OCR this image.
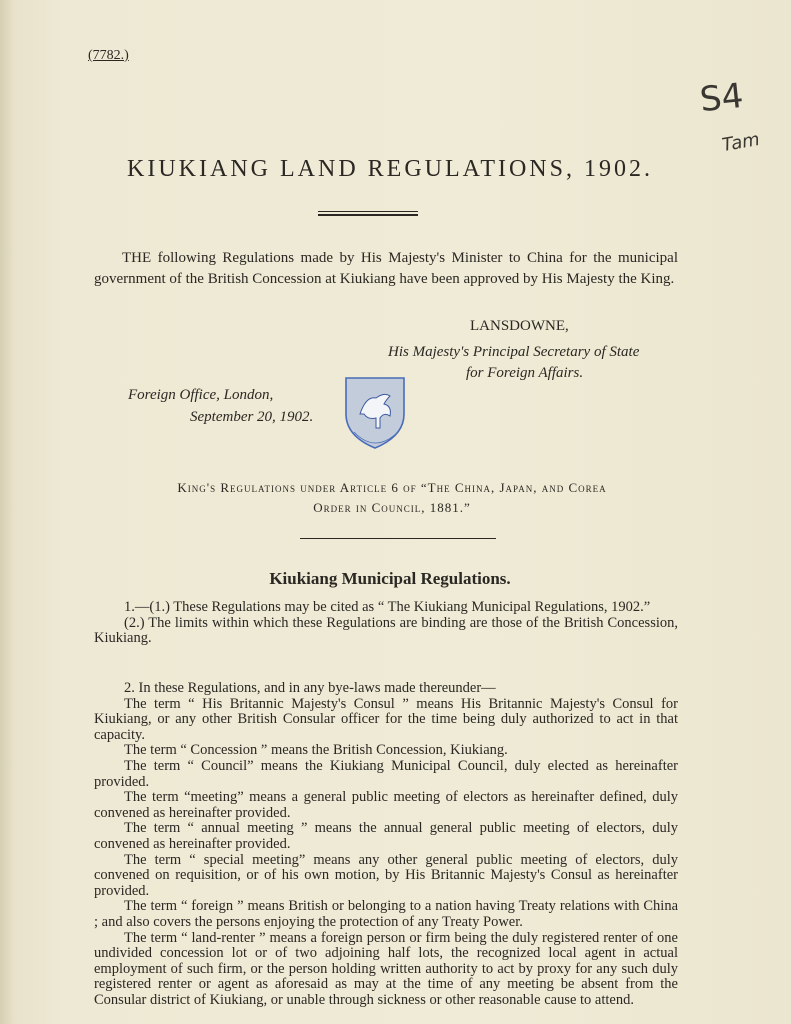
(7782.)
S4
Tam
KIUKIANG LAND REGULATIONS, 1902.
THE following Regulations made by His Majesty's Minister to China for the municipal government of the British Concession at Kiukiang have been approved by His Majesty the King.
LANSDOWNE,
His Majesty's Principal Secretary of State
for Foreign Affairs.
Foreign Office, London,
September 20, 1902.
King's Regulations under Article 6 of “The China, Japan, and Corea
Order in Council, 1881.”
Kiukiang Municipal Regulations.

1.—(1.) These Regulations may be cited as “ The Kiukiang Municipal Regulations, 1902.”

(2.) The limits within which these Regulations are binding are those of the British Concession, Kiukiang.

2. In these Regulations, and in any bye-laws made thereunder—

The term “ His Britannic Majesty's Consul ” means His Britannic Majesty's Consul for Kiukiang, or any other British Consular officer for the time being duly authorized to act in that capacity.

The term “ Concession ” means the British Concession, Kiukiang.

The term “ Council” means the Kiukiang Municipal Council, duly elected as hereinafter provided.

The term “meeting” means a general public meeting of electors as hereinafter defined, duly convened as hereinafter provided.

The term “ annual meeting ” means the annual general public meeting of electors, duly convened as hereinafter provided.

The term “ special meeting” means any other general public meeting of electors, duly convened on requisition, or of his own motion, by His Britannic Majesty's Consul as hereinafter provided.

The term “ foreign ” means British or belonging to a nation having Treaty relations with China ; and also covers the persons enjoying the protection of any Treaty Power.

The term “ land-renter ” means a foreign person or firm being the duly registered renter of one undivided concession lot or of two adjoining half lots, the recognized local agent in actual employment of such firm, or the person holding written authority to act by proxy for any such duly registered renter or agent as aforesaid as may at the time of any meeting be absent from the Consular district of Kiukiang, or unable through sickness or other reasonable cause to attend.
